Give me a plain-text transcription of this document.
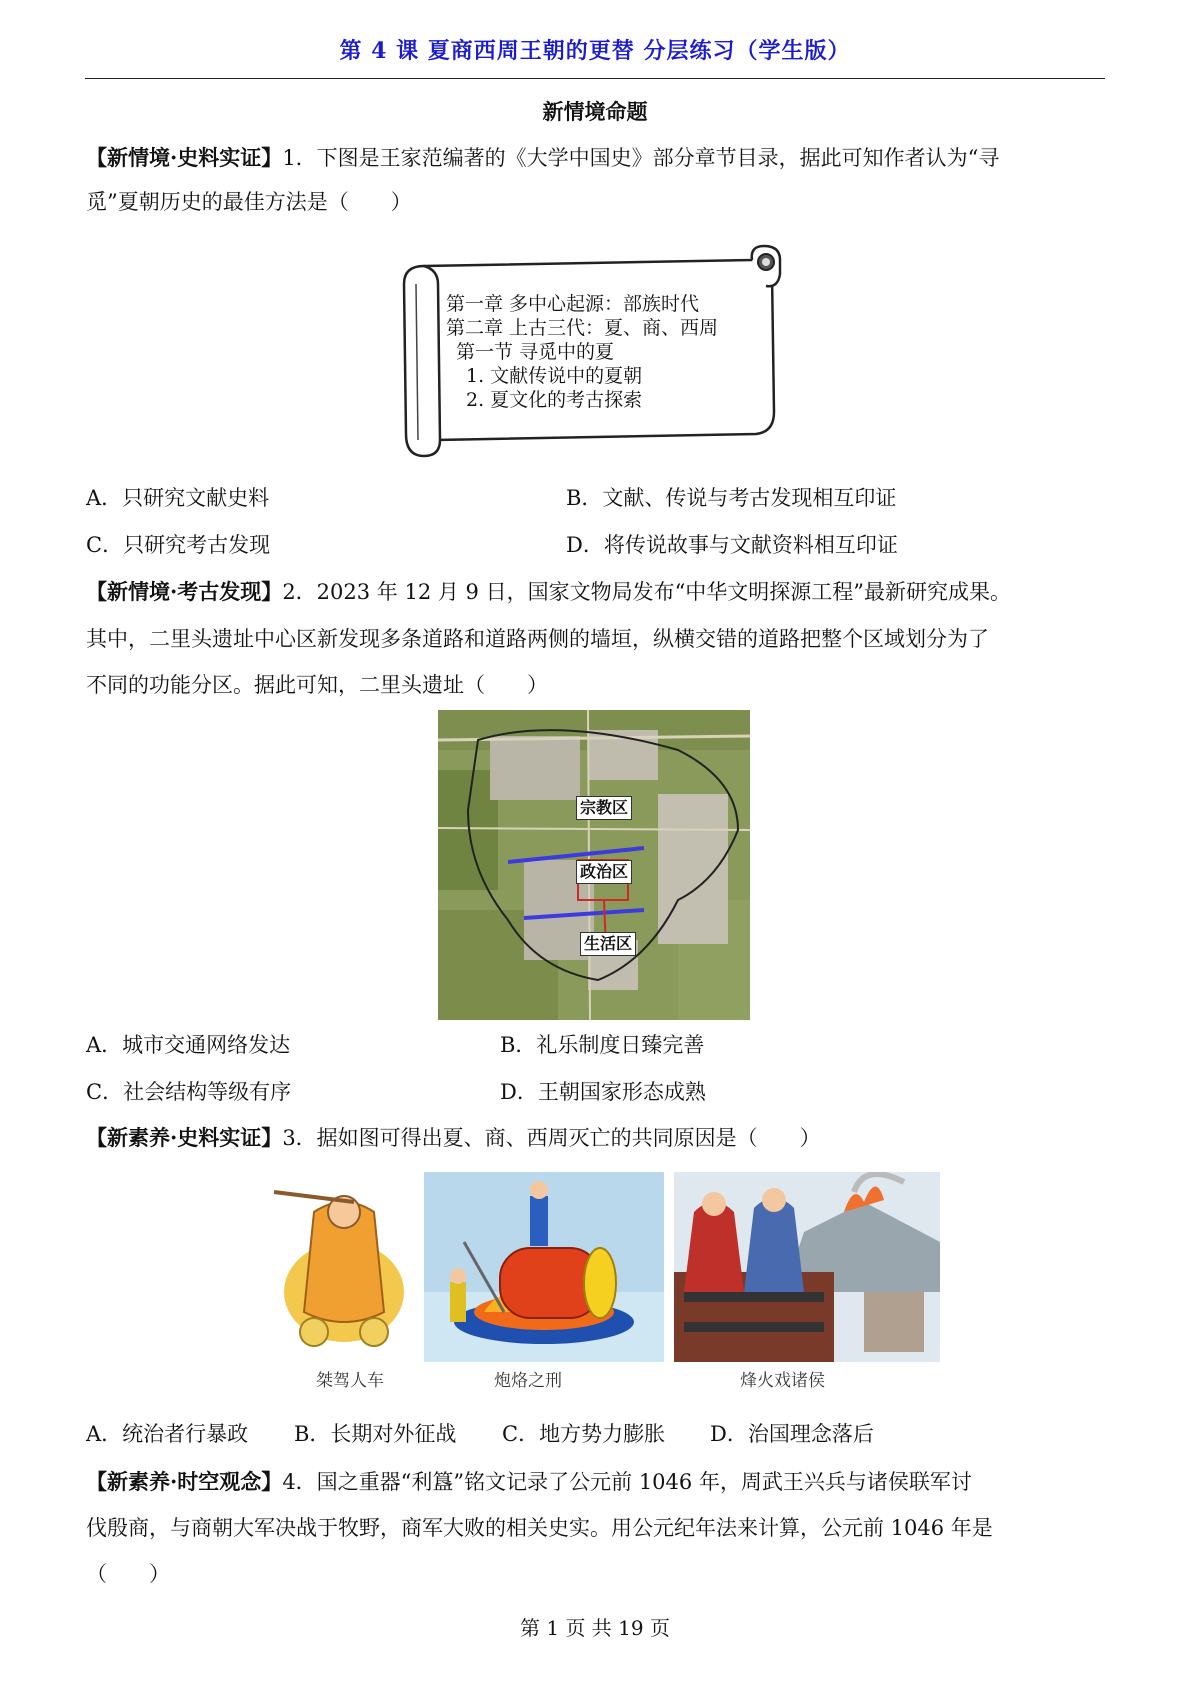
第 4 课 夏商西周王朝的更替 分层练习（学生版）
新情境命题
【新情境·史料实证】1．下图是王家范编著的《大学中国史》部分章节目录，据此可知作者认为“寻
觅”夏朝历史的最佳方法是（　　）
第一章 多中心起源：部族时代
第二章 上古三代：夏、商、西周
第一节 寻觅中的夏
1. 文献传说中的夏朝
2. 夏文化的考古探索
A．只研究文献史料	B．文献、传说与考古发现相互印证
C．只研究考古发现	D．将传说故事与文献资料相互印证
【新情境·考古发现】2．2023 年 12 月 9 日，国家文物局发布“中华文明探源工程”最新研究成果。
其中，二里头遗址中心区新发现多条道路和道路两侧的墙垣，纵横交错的道路把整个区域划分为了
不同的功能分区。据此可知，二里头遗址（　　）
宗教区
政治区
生活区
A．城市交通网络发达	B．礼乐制度日臻完善
C．社会结构等级有序	D．王朝国家形态成熟
【新素养·史料实证】3．据如图可得出夏、商、西周灭亡的共同原因是（　　）
桀驾人车	炮烙之刑	烽火戏诸侯
A．统治者行暴政 B．长期对外征战 C．地方势力膨胀 D．治国理念落后
【新素养·时空观念】4．国之重器“利簋”铭文记录了公元前 1046 年，周武王兴兵与诸侯联军讨
伐殷商，与商朝大军决战于牧野，商军大败的相关史实。用公元纪年法来计算，公元前 1046 年是
（　　）
第 1 页 共 19 页
